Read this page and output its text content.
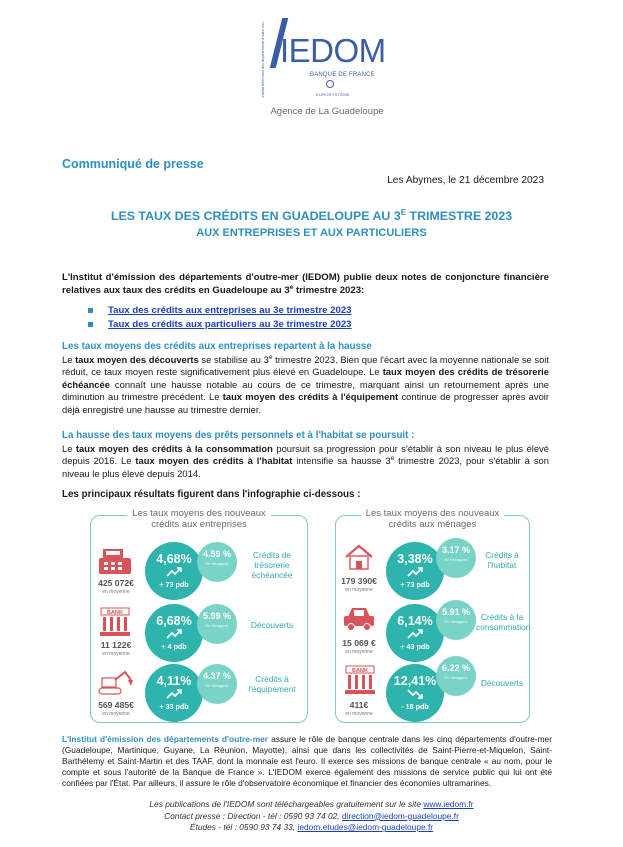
Institut d'émission des départements d'outre-mer IEDOM
BANQUE DE FRANCE
EUROSYSTÈME
Agence de La Guadeloupe
Communiqué de presse
Les Abymes, le 21 décembre 2023
LES TAUX DES CRÉDITS EN GUADELOUPE AU $3^E$ TRIMESTRE 2023
AUX ENTREPRISES ET AUX PARTICULIERS
L'Institut d'émission des départements d'outre-mer (IEDOM) publie deux notes de conjoncture financière relatives aux taux des crédits en Guadeloupe au 3e trimestre 2023:
Taux des crédits aux entreprises au 3e trimestre 2023
Taux des crédits aux particuliers au 3e trimestre 2023
Les taux moyens des crédits aux entreprises repartent à la hausse
Le taux moyen des découverts se stabilise au 3e trimestre 2023. Bien que l'écart avec la moyenne nationale se soit réduit, ce taux moyen reste significativement plus élevé en Guadeloupe. Le taux moyen des crédits de trésorerie échéancée connaît une hausse notable au cours de ce trimestre, marquant ainsi un retournement après une diminution au trimestre précédent. Le taux moyen des crédits à l'équipement continue de progresser après avoir déjà enregistré une hausse au trimestre dernier.
La hausse des taux moyens des prêts personnels et à l'habitat se poursuit :
Le taux moyen des crédits à la consommation poursuit sa progression pour s'établir à son niveau le plus élevé depuis 2016. Le taux moyen des crédits à l'habitat intensifie sa hausse 3e trimestre 2023, pour s'établir à son niveau le plus élevé depuis 2014.
Les principaux résultats figurent dans l'infographie ci-dessous :
Les taux moyens des nouveaux
crédits aux entreprises
425 072€
en moyenne
4,68%
+ 73 pdb
4.59 %
En Hexagone
Crédits de trésorerie échéancée
BANK
11 122€
en moyenne
6,68%
+ 4 pdb
5.99 %
En Hexagone	Découverts
569 485€
en moyenne
4,11%
+ 33 pdb
4.37 %
En Hexagone
Crédits à l'équipement
Les taux moyens des nouveaux
crédits aux ménages
179 390€
en moyenne
3,38%
+ 73 pdb
3.17 %
En Hexagone	Crédits à l'habitat
15 069 €
en moyenne
6,14%
+ 43 pdb
5.91 %
En Hexagone	Crédits à la consommation
BANK
411€
en moyenne
12,41%
- 18 pdb
6.22 %
En Hexagone	Découverts
L'Institut d'émission des départements d'outre-mer assure le rôle de banque centrale dans les cinq départements d'outre-mer (Guadeloupe, Martinique, Guyane, La Réunion, Mayotte), ainsi que dans les collectivités de Saint-Pierre-et-Miquelon, Saint-Barthélemy et Saint-Martin et des TAAF, dont la monnaie est l'euro. Il exerce ses missions de banque centrale « au nom, pour le compte et sous l'autorité de la Banque de France ». L'IEDOM exerce également des missions de service public qui lui ont été confiées par l'État. Par ailleurs, il assure le rôle d'observatoire économique et financier des économies ultramarines.
Les publications de l'IEDOM sont téléchargeables gratuitement sur le site www.iedom.fr
Contact presse : Direction - tél : 0590 93 74 02, direction@iedom-guadeloupe.fr
Études - tél : 0590 93 74 33, iedom.etudes@iedom-guadeloupe.fr
